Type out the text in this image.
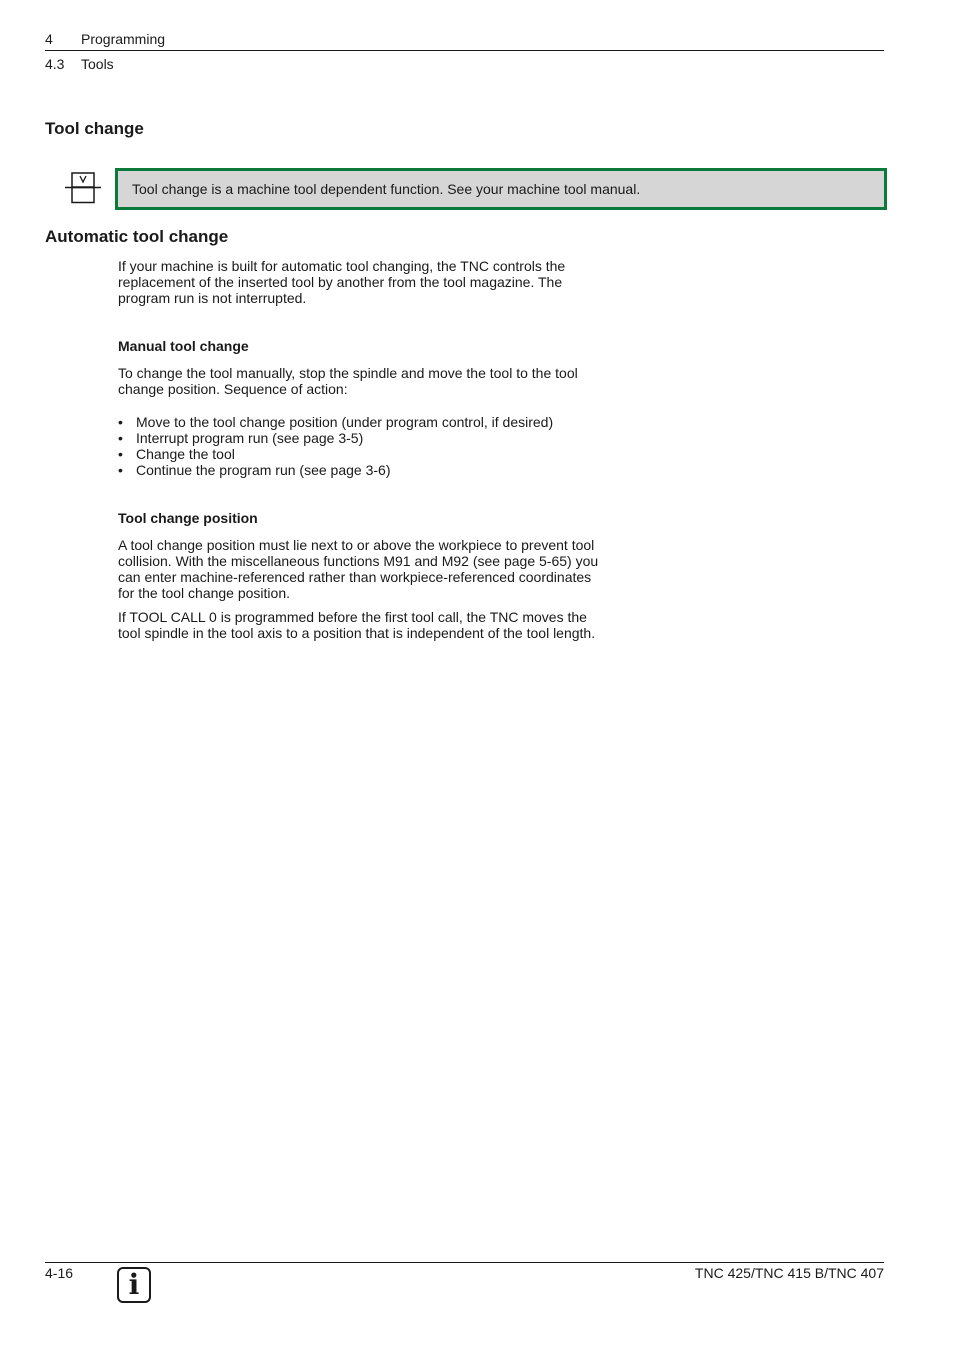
4 Programming
4.3 Tools
Tool change
Tool change is a machine tool dependent function. See your machine tool manual.
Automatic tool change

If your machine is built for automatic tool changing, the TNC controls the replacement of the inserted tool by another from the tool magazine. The program run is not interrupted.

Manual tool change

To change the tool manually, stop the spindle and move the tool to the tool change position. Sequence of action:

• Move to the tool change position (under program control, if desired)
• Interrupt program run (see page 3-5)
• Change the tool
• Continue the program run (see page 3-6)
Tool change position

A tool change position must lie next to or above the workpiece to prevent tool collision. With the miscellaneous functions M91 and M92 (see page 5-65) you can enter machine-referenced rather than workpiece-referenced coordinates for the tool change position.

If TOOL CALL 0 is programmed before the first tool call, the TNC moves the tool spindle in the tool axis to a position that is independent of the tool length.

4-16	i	TNC 425/TNC 415 B/TNC 407
